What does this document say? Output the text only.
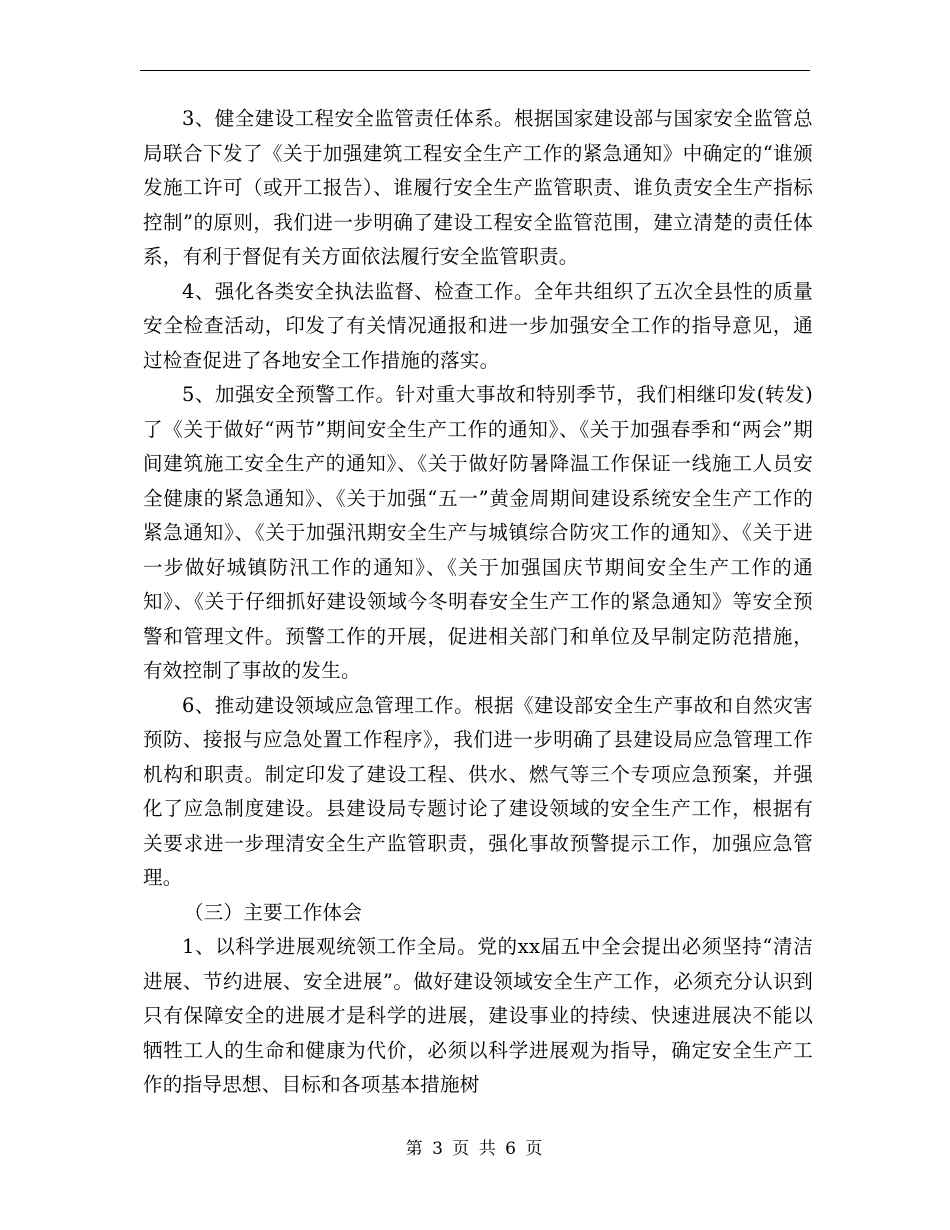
3、健全建设工程安全监管责任体系。根据国家建设部与国家安全监管总局联合下发了《关于加强建筑工程安全生产工作的紧急通知》中确定的“谁颁发施工许可（或开工报告）、谁履行安全生产监管职责、谁负责安全生产指标控制”的原则，我们进一步明确了建设工程安全监管范围，建立清楚的责任体系，有利于督促有关方面依法履行安全监管职责。

4、强化各类安全执法监督、检查工作。全年共组织了五次全县性的质量安全检查活动，印发了有关情况通报和进一步加强安全工作的指导意见，通过检查促进了各地安全工作措施的落实。

5、加强安全预警工作。针对重大事故和特别季节，我们相继印发(转发)了《关于做好“两节”期间安全生产工作的通知》、《关于加强春季和“两会”期间建筑施工安全生产的通知》、《关于做好防暑降温工作保证一线施工人员安全健康的紧急通知》、《关于加强“五一”黄金周期间建设系统安全生产工作的紧急通知》、《关于加强汛期安全生产与城镇综合防灾工作的通知》、《关于进一步做好城镇防汛工作的通知》、《关于加强国庆节期间安全生产工作的通知》、《关于仔细抓好建设领域今冬明春安全生产工作的紧急通知》等安全预警和管理文件。预警工作的开展，促进相关部门和单位及早制定防范措施，有效控制了事故的发生。

6、推动建设领域应急管理工作。根据《建设部安全生产事故和自然灾害预防、接报与应急处置工作程序》，我们进一步明确了县建设局应急管理工作机构和职责。制定印发了建设工程、供水、燃气等三个专项应急预案，并强化了应急制度建设。县建设局专题讨论了建设领域的安全生产工作，根据有关要求进一步理清安全生产监管职责，强化事故预警提示工作，加强应急管理。

（三）主要工作体会

1、以科学进展观统领工作全局。党的xx届五中全会提出必须坚持“清洁进展、节约进展、安全进展”。做好建设领域安全生产工作，必须充分认识到只有保障安全的进展才是科学的进展，建设事业的持续、快速进展决不能以牺牲工人的生命和健康为代价，必须以科学进展观为指导，确定安全生产工作的指导思想、目标和各项基本措施树

第 3 页 共 6 页
